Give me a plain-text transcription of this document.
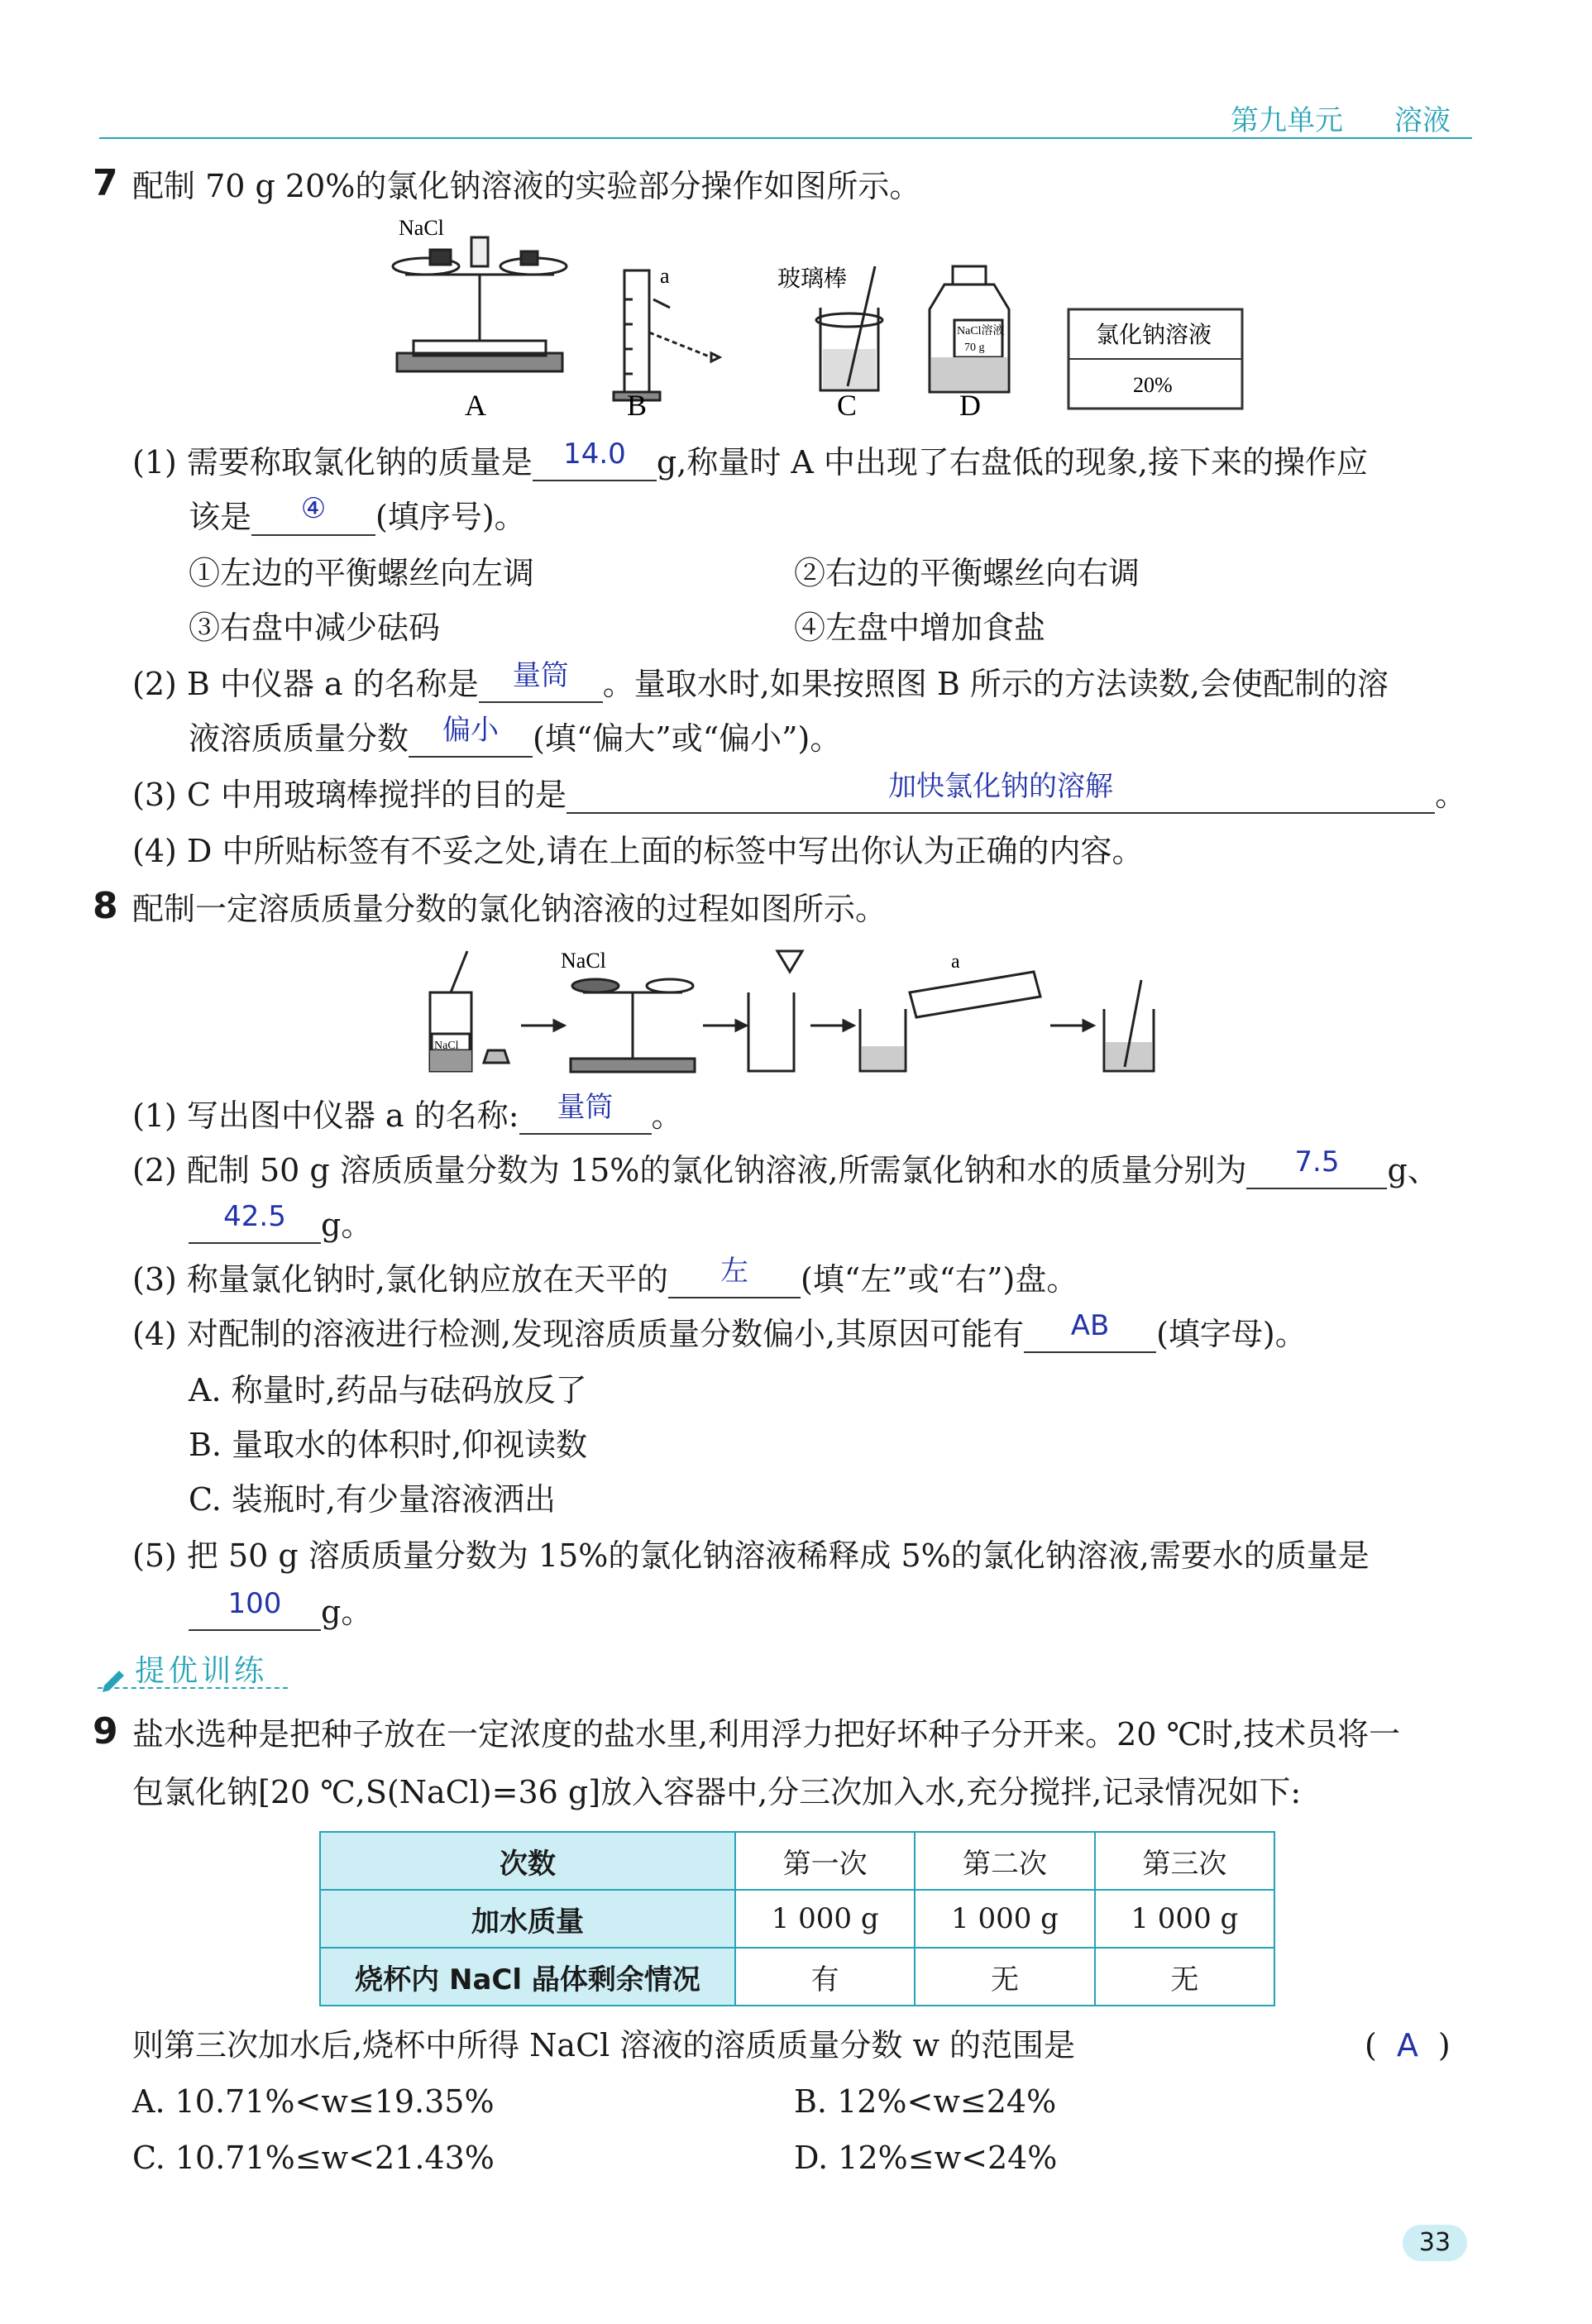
第九单元 溶液
7 配制 70 g 20%的氯化钠溶液的实验部分操作如图所示。
NaCl
A
a
B
玻璃棒
C
NaCl溶液
70 g
D
氯化钠溶液
20%
(1) 需要称取氯化钠的质量是	14.0 g,称量时 A 中出现了右盘低的现象,接下来的操作应
该是	④	(填序号)。
①左边的平衡螺丝向左调	②右边的平衡螺丝向右调
③右盘中减少砝码	④左盘中增加食盐
(2) B 中仪器 a 的名称是	量筒	。量取水时,如果按照图 B 所示的方法读数,会使配制的溶
液溶质质量分数	偏小	(填“偏大”或“偏小”)。
(3) C 中用玻璃棒搅拌的目的是	加快氯化钠的溶解	。
(4) D 中所贴标签有不妥之处,请在上面的标签中写出你认为正确的内容。
8 配制一定溶质质量分数的氯化钠溶液的过程如图所示。
NaCl
NaCl	a
(1) 写出图中仪器 a 的名称:	量筒	。
(2) 配制 50 g 溶质质量分数为 15%的氯化钠溶液,所需氯化钠和水的质量分别为	7.5	g、
42.5	g。
(3) 称量氯化钠时,氯化钠应放在天平的	左	(填“左”或“右”)盘。
(4) 对配制的溶液进行检测,发现溶质质量分数偏小,其原因可能有	AB	(填字母)。
A. 称量时,药品与砝码放反了
B. 量取水的体积时,仰视读数
C. 装瓶时,有少量溶液洒出
(5) 把 50 g 溶质质量分数为 15%的氯化钠溶液稀释成 5%的氯化钠溶液,需要水的质量是
100	g。
提优训练
9 盐水选种是把种子放在一定浓度的盐水里,利用浮力把好坏种子分开来。20 ℃时,技术员将一
包氯化钠[20 ℃,S(NaCl)=36 g]放入容器中,分三次加入水,充分搅拌,记录情况如下:
次数	第一次	第二次	第三次
加水质量	1 000 g	1 000 g	1 000 g
烧杯内 NaCl 晶体剩余情况	有	无	无
则第三次加水后,烧杯中所得 NaCl 溶液的溶质质量分数 w 的范围是	( A )
A. 10.71%<w≤19.35%	B. 12%<w≤24%
C. 10.71%≤w<21.43%	D. 12%≤w<24%
33
